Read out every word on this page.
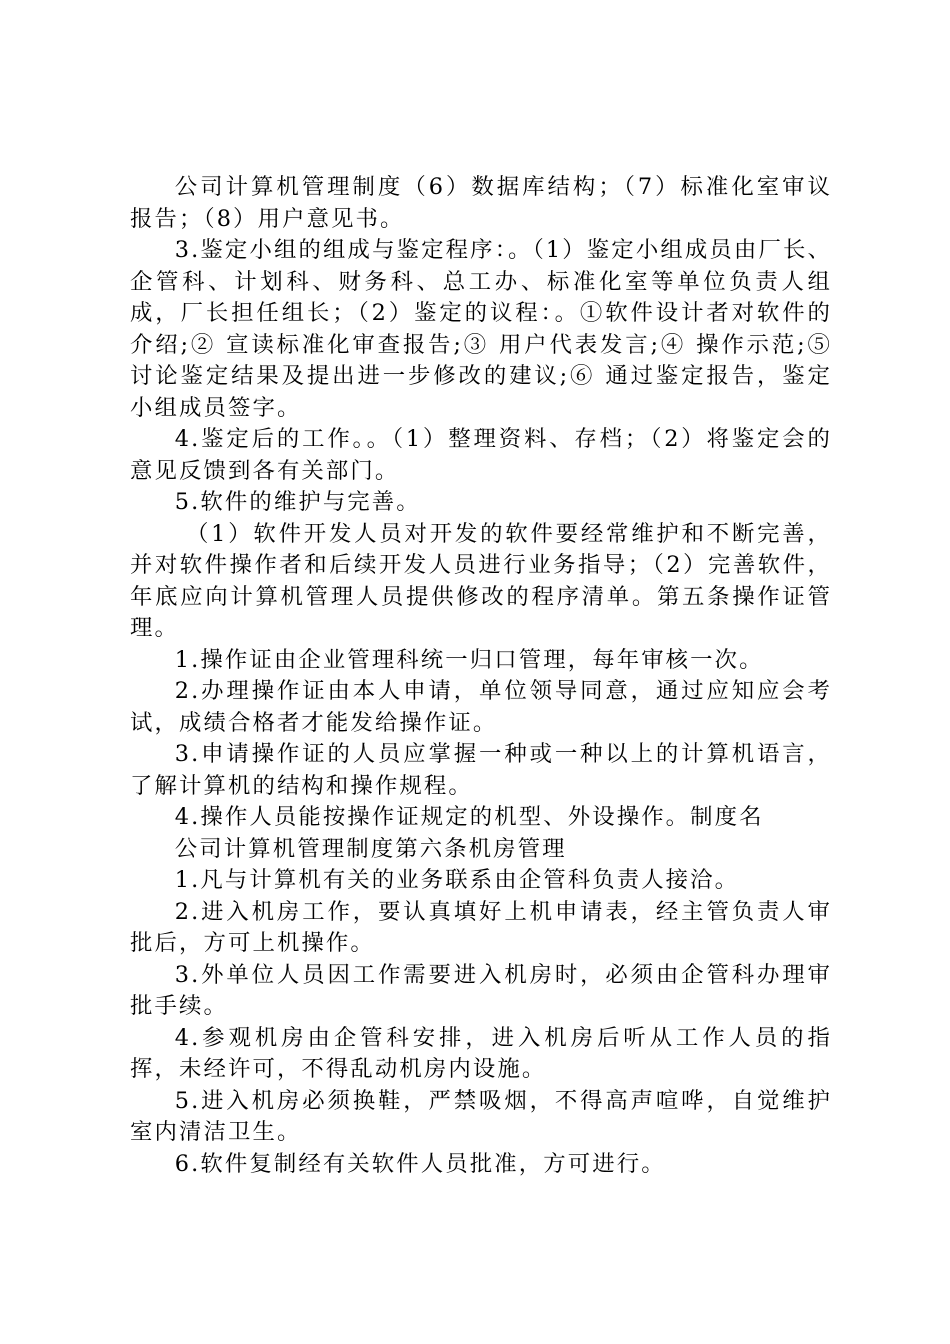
公司计算机管理制度（6）数据库结构；（7）标准化室审议报告；（8）用户意见书。

3.鉴定小组的组成与鉴定程序：。（1）鉴定小组成员由厂长、企管科、计划科、财务科、总工办、标准化室等单位负责人组成，厂长担任组长；（2）鉴定的议程：。①软件设计者对软件的介绍;② 宣读标准化审查报告;③ 用户代表发言;④ 操作示范;⑤ 讨论鉴定结果及提出进一步修改的建议;⑥ 通过鉴定报告，鉴定小组成员签字。

4.鉴定后的工作。。（1）整理资料、存档；（2）将鉴定会的意见反馈到各有关部门。

5.软件的维护与完善。

（1）软件开发人员对开发的软件要经常维护和不断完善，并对软件操作者和后续开发人员进行业务指导；（2）完善软件，年底应向计算机管理人员提供修改的程序清单。第五条操作证管理。

1.操作证由企业管理科统一归口管理，每年审核一次。

2.办理操作证由本人申请，单位领导同意，通过应知应会考试，成绩合格者才能发给操作证。

3.申请操作证的人员应掌握一种或一种以上的计算机语言，了解计算机的结构和操作规程。

4.操作人员能按操作证规定的机型、外设操作。制度名

公司计算机管理制度第六条机房管理

1.凡与计算机有关的业务联系由企管科负责人接洽。

2.进入机房工作，要认真填好上机申请表，经主管负责人审批后，方可上机操作。

3.外单位人员因工作需要进入机房时，必须由企管科办理审批手续。

4.参观机房由企管科安排，进入机房后听从工作人员的指挥，未经许可，不得乱动机房内设施。

5.进入机房必须换鞋，严禁吸烟，不得高声喧哗，自觉维护室内清洁卫生。

6.软件复制经有关软件人员批准，方可进行。
